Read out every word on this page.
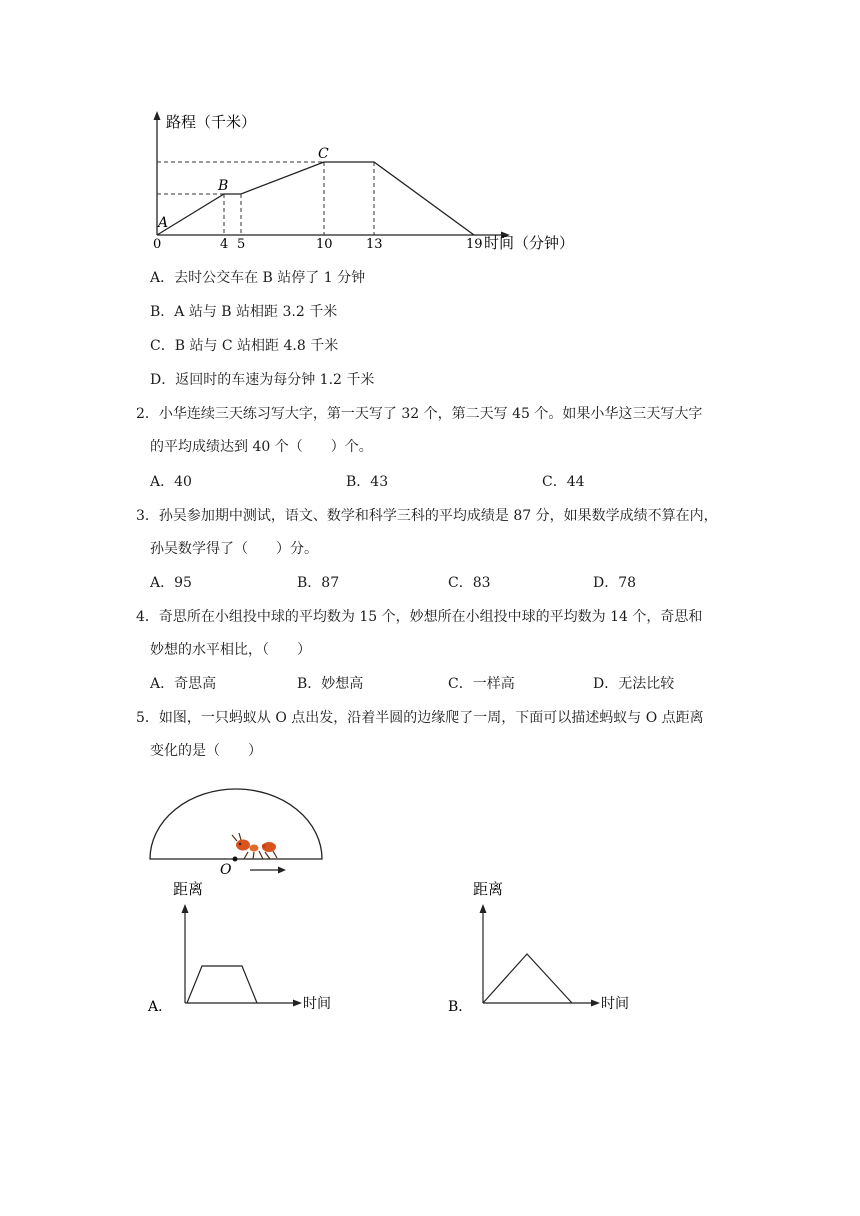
路程（千米）
A
B
C
0	4 5	10	13	19 时间（分钟）
A．去时公交车在 B 站停了 1 分钟
B．A 站与 B 站相距 3.2 千米
C．B 站与 C 站相距 4.8 千米
D．返回时的车速为每分钟 1.2 千米
2．小华连续三天练习写大字，第一天写了 32 个，第二天写 45 个。如果小华这三天写大字
的平均成绩达到 40 个（　　）个。
A．40	B．43	C．44
3．孙吴参加期中测试，语文、数学和科学三科的平均成绩是 87 分，如果数学成绩不算在内，
孙吴数学得了（　　）分。
A．95	B．87	C．83	D．78
4．奇思所在小组投中球的平均数为 15 个，妙想所在小组投中球的平均数为 14 个，奇思和
妙想的水平相比，（　　）
A．奇思高	B．妙想高	C．一样高	D．无法比较
5．如图，一只蚂蚁从 O 点出发，沿着半圆的边缘爬了一周，下面可以描述蚂蚁与 O 点距离
变化的是（　　）
O
A．
距离
时间	B．
距离
时间
